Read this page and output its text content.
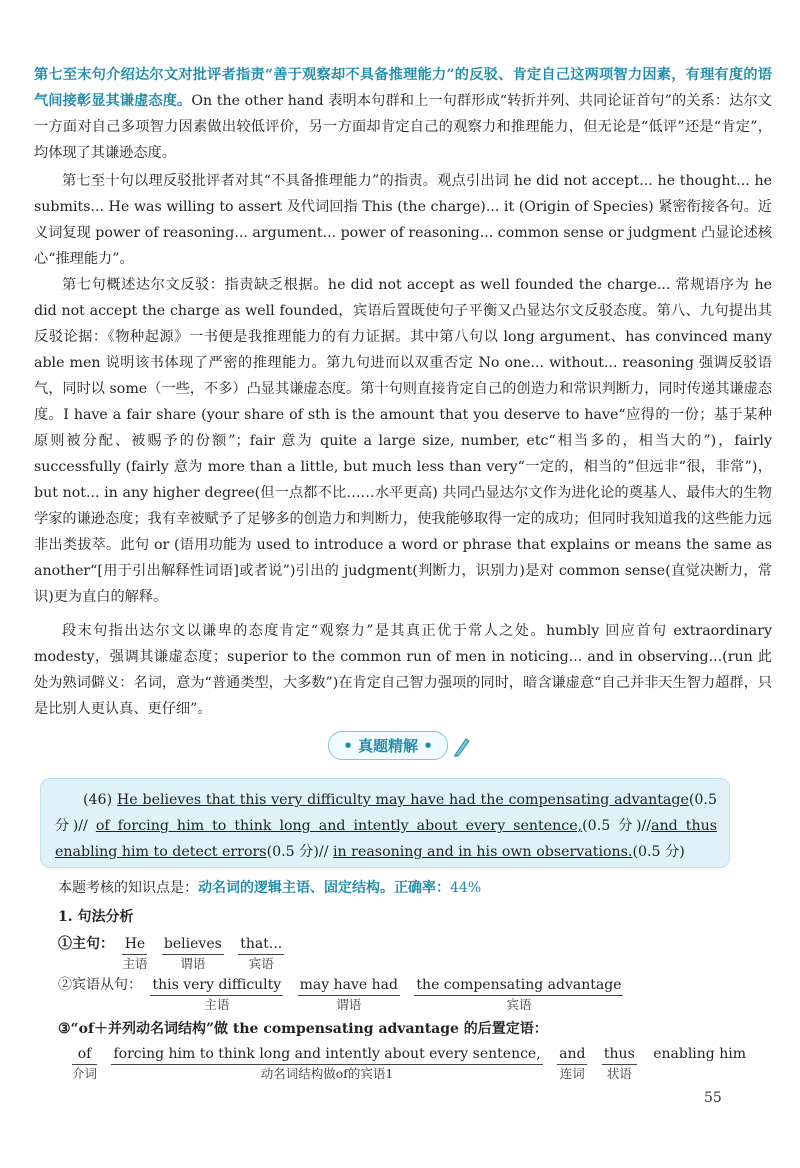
第七至末句介绍达尔文对批评者指责“善于观察却不具备推理能力”的反驳、肯定自己这两项智力因素，有理有度的语气间接彰显其谦虚态度。On the other hand 表明本句群和上一句群形成“转折并列、共同论证首句”的关系：达尔文一方面对自己多项智力因素做出较低评价，另一方面却肯定自己的观察力和推理能力，但无论是“低评”还是“肯定”，均体现了其谦逊态度。

第七至十句以理反驳批评者对其“不具备推理能力”的指责。观点引出词 he did not accept... he thought... he submits... He was willing to assert 及代词回指 This (the charge)... it (Origin of Species) 紧密衔接各句。近义词复现 power of reasoning... argument... power of reasoning... common sense or judgment 凸显论述核心“推理能力”。

第七句概述达尔文反驳：指责缺乏根据。he did not accept as well founded the charge... 常规语序为 he did not accept the charge as well founded，宾语后置既使句子平衡又凸显达尔文反驳态度。第八、九句提出其反驳论据：《物种起源》一书便是我推理能力的有力证据。其中第八句以 long argument、has convinced many able men 说明该书体现了严密的推理能力。第九句进而以双重否定 No one... without... reasoning 强调反驳语气，同时以 some（一些，不多）凸显其谦虚态度。第十句则直接肯定自己的创造力和常识判断力，同时传递其谦虚态度。I have a fair share (your share of sth is the amount that you deserve to have“应得的一份；基于某种原则被分配、被赐予的份额”；fair 意为 quite a large size, number, etc“相当多的，相当大的”)，fairly successfully (fairly 意为 more than a little, but much less than very“一定的，相当的”但远非“很，非常”)，but not... in any higher degree(但一点都不比……水平更高) 共同凸显达尔文作为进化论的奠基人、最伟大的生物学家的谦逊态度；我有幸被赋予了足够多的创造力和判断力，使我能够取得一定的成功；但同时我知道我的这些能力远非出类拔萃。此句 or (语用功能为 used to introduce a word or phrase that explains or means the same as another“[用于引出解释性词语]或者说”)引出的 judgment(判断力，识别力)是对 common sense(直觉决断力，常识)更为直白的解释。

段末句指出达尔文以谦卑的态度肯定“观察力”是其真正优于常人之处。humbly 回应首句 extraordinary modesty，强调其谦虚态度；superior to the common run of men in noticing... and in observing...(run 此处为熟词僻义：名词，意为“普通类型，大多数”)在肯定自己智力强项的同时，暗含谦虚意“自己并非天生智力超群，只是比别人更认真、更仔细”。

• 真题精解 •

(46) He believes that this very difficulty may have had the compensating advantage(0.5 分)// of forcing him to think long and intently about every sentence,(0.5 分)//and thus enabling him to detect errors(0.5 分)// in reasoning and in his own observations.(0.5 分)

本题考核的知识点是：动名词的逻辑主语、固定结构。正确率：44%

1. 句法分析

①主句： He
主语

believes
谓语

that...
宾语
②宾语从句： this very difficulty
主语

may have had
谓语

the compensating advantage
宾语

③“of＋并列动名词结构”做 the compensating advantage 的后置定语：

of
介词

forcing him to think long and intently about every sentence,
动名词结构做of的宾语1

and
连词

thus
状语

enabling him
55
